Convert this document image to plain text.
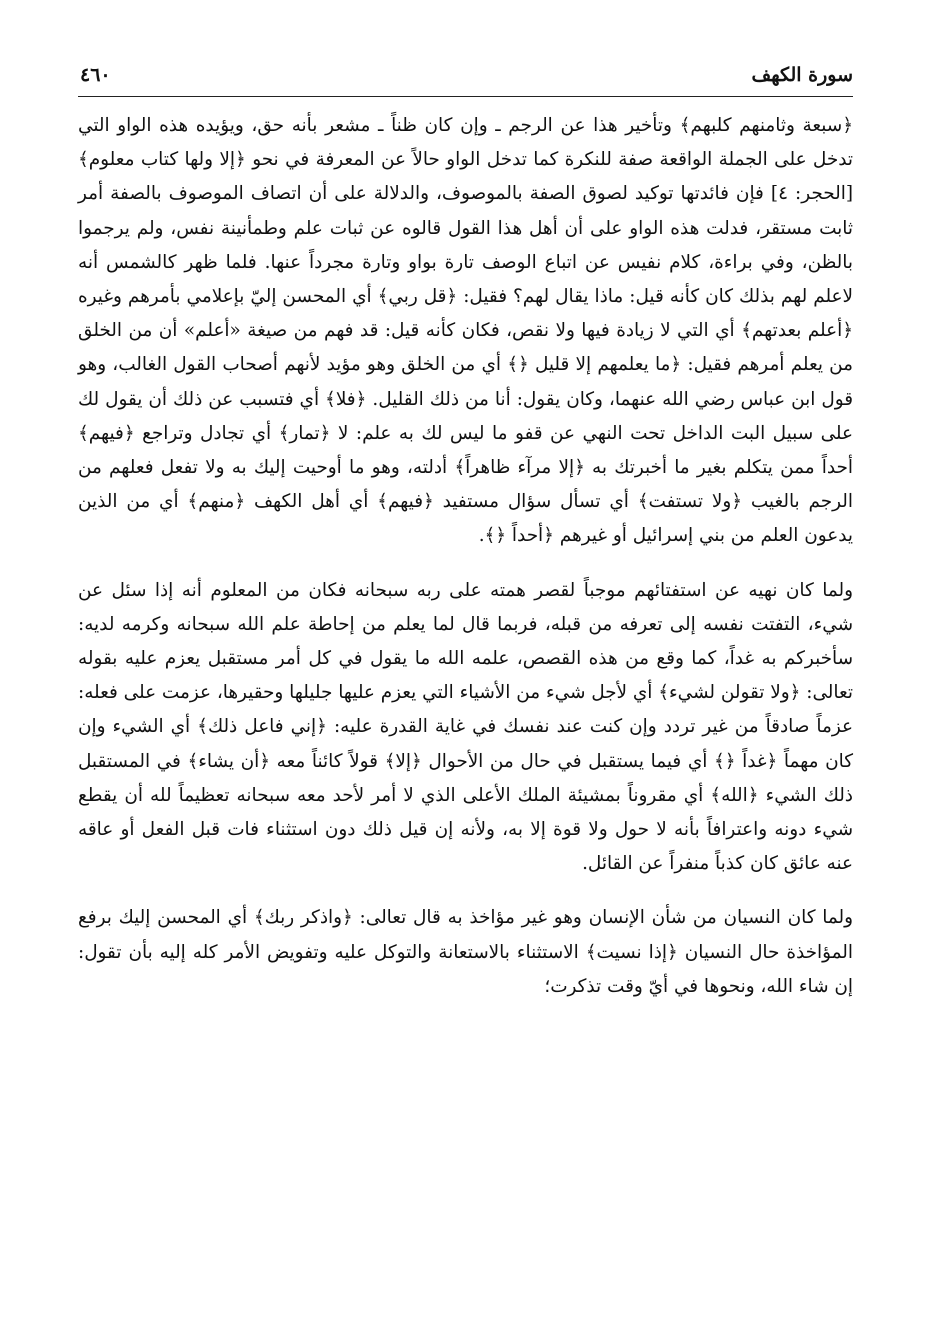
سورة الكهف
٤٦٠

﴿سبعة وثامنهم كلبهم﴾ وتأخير هذا عن الرجم ـ وإن كان ظناً ـ مشعر بأنه حق، ويؤيده هذه الواو التي تدخل على الجملة الواقعة صفة للنكرة كما تدخل الواو حالاً عن المعرفة في نحو ﴿إلا ولها كتاب معلوم﴾ [الحجر: ٤] فإن فائدتها توكيد لصوق الصفة بالموصوف، والدلالة على أن اتصاف الموصوف بالصفة أمر ثابت مستقر، فدلت هذه الواو على أن أهل هذا القول قالوه عن ثبات علم وطمأنينة نفس، ولم يرجموا بالظن، وفي براءة، كلام نفيس عن اتباع الوصف تارة بواو وتارة مجرداً عنها. فلما ظهر كالشمس أنه لاعلم لهم بذلك كان كأنه قيل: ماذا يقال لهم؟ فقيل: ﴿قل ربي﴾ أي المحسن إليّ بإعلامي بأمرهم وغيره ﴿أعلم بعدتهم﴾ أي التي لا زيادة فيها ولا نقص، فكان كأنه قيل: قد فهم من صيغة «أعلم» أن من الخلق من يعلم أمرهم فقيل: ﴿ما يعلمهم إلا قليل ﴿﴾ أي من الخلق وهو مؤيد لأنهم أصحاب القول الغالب، وهو قول ابن عباس رضي الله عنهما، وكان يقول: أنا من ذلك القليل. ﴿فلا﴾ أي فتسبب عن ذلك أن يقول لك على سبيل البت الداخل تحت النهي عن قفو ما ليس لك به علم: لا ﴿تمار﴾ أي تجادل وتراجع ﴿فيهم﴾ أحداً ممن يتكلم بغير ما أخبرتك به ﴿إلا مرآء ظاهراً﴾ أدلته، وهو ما أوحيت إليك به ولا تفعل فعلهم من الرجم بالغيب ﴿ولا تستفت﴾ أي تسأل سؤال مستفيد ﴿فيهم﴾ أي أهل الكهف ﴿منهم﴾ أي من الذين يدعون العلم من بني إسرائيل أو غيرهم ﴿أحداً ﴿﴾.

ولما كان نهيه عن استفتائهم موجباً لقصر همته على ربه سبحانه فكان من المعلوم أنه إذا سئل عن شيء، التفتت نفسه إلى تعرفه من قبله، فربما قال لما يعلم من إحاطة علم الله سبحانه وكرمه لديه: سأخبركم به غداً، كما وقع من هذه القصص، علمه الله ما يقول في كل أمر مستقبل يعزم عليه بقوله تعالى: ﴿ولا تقولن لشيء﴾ أي لأجل شيء من الأشياء التي يعزم عليها جليلها وحقيرها، عزمت على فعله: عزماً صادقاً من غير تردد وإن كنت عند نفسك في غاية القدرة عليه: ﴿إني فاعل ذلك﴾ أي الشيء وإن كان مهماً ﴿غداً ﴿﴾ أي فيما يستقبل في حال من الأحوال ﴿إلا﴾ قولاً كائناً معه ﴿أن يشاء﴾ في المستقبل ذلك الشيء ﴿الله﴾ أي مقروناً بمشيئة الملك الأعلى الذي لا أمر لأحد معه سبحانه تعظيماً لله أن يقطع شيء دونه واعترافاً بأنه لا حول ولا قوة إلا به، ولأنه إن قيل ذلك دون استثناء فات قبل الفعل أو عاقه عنه عائق كان كذباً منفراً عن القائل.

ولما كان النسيان من شأن الإنسان وهو غير مؤاخذ به قال تعالى: ﴿واذكر ربك﴾ أي المحسن إليك برفع المؤاخذة حال النسيان ﴿إذا نسيت﴾ الاستثناء بالاستعانة والتوكل عليه وتفويض الأمر كله إليه بأن تقول: إن شاء الله، ونحوها في أيّ وقت تذكرت؛
